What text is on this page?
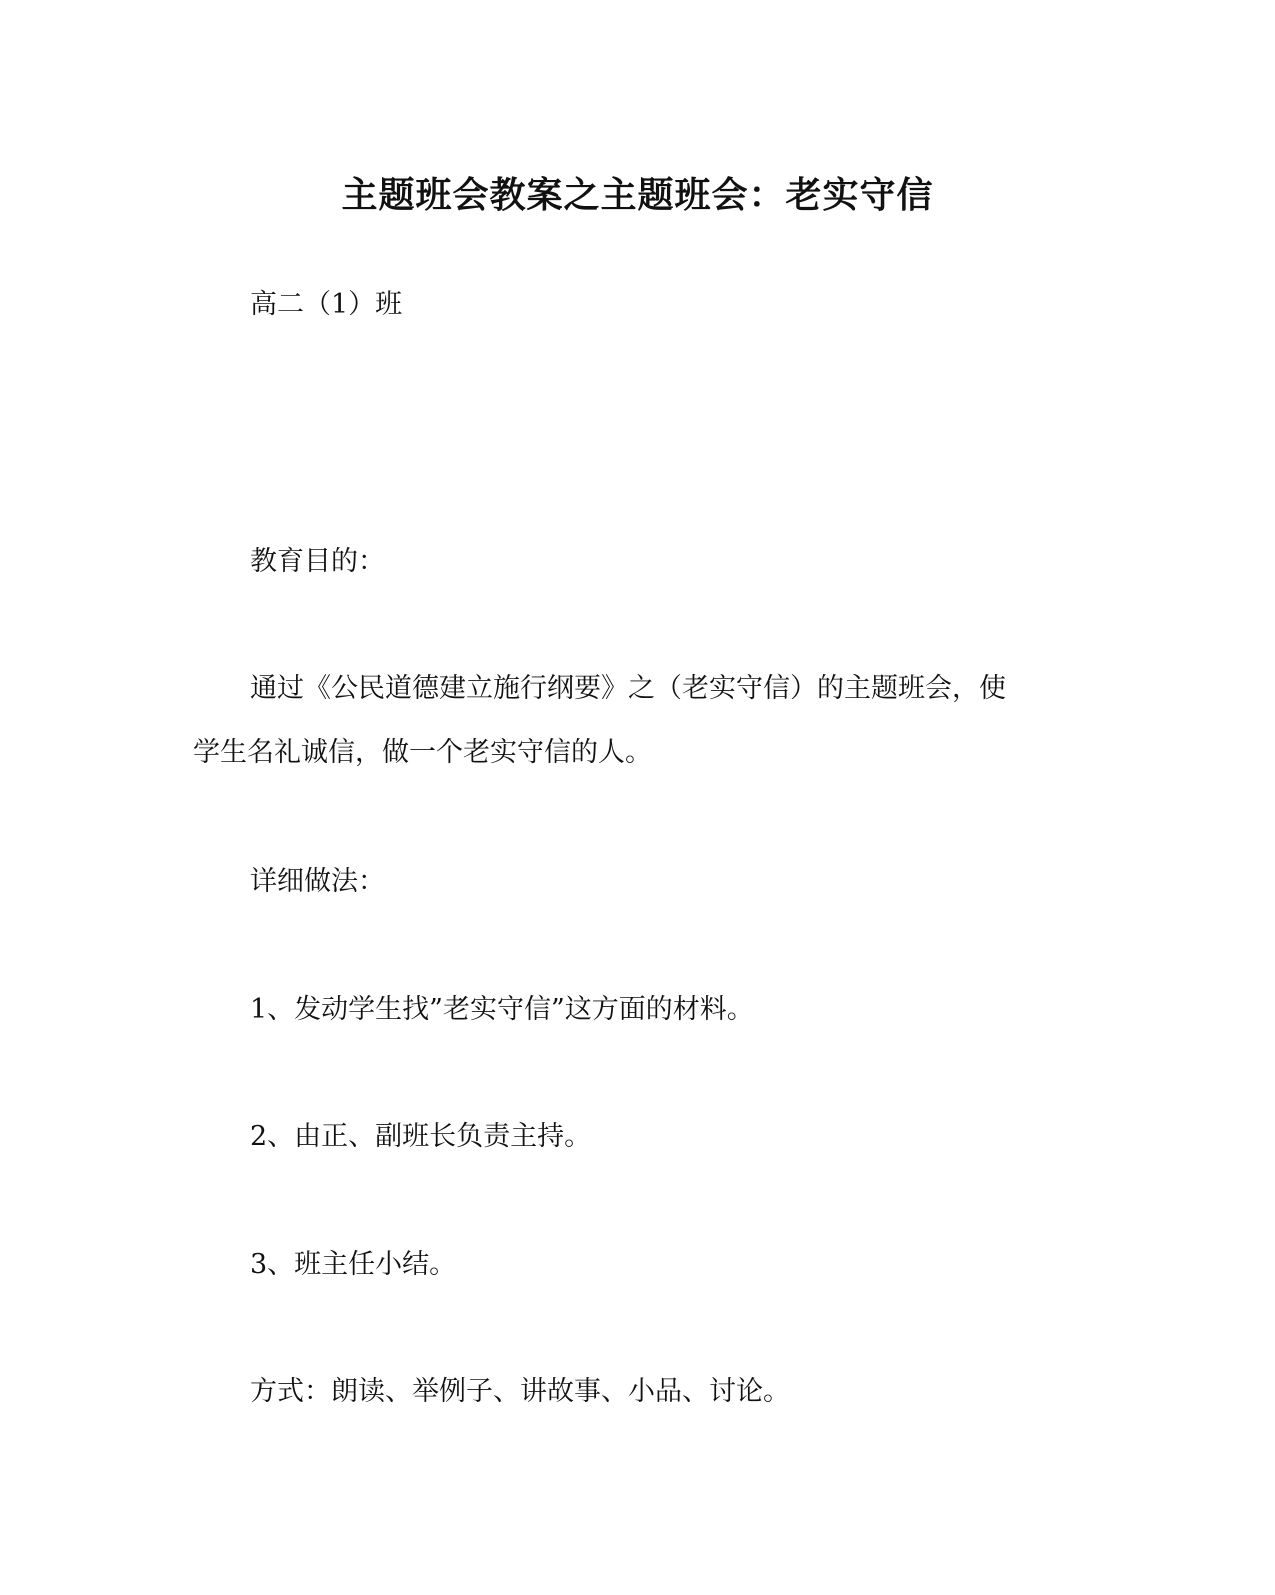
主题班会教案之主题班会：老实守信
高二（1）班
教育目的：
通过《公民道德建立施行纲要》之（老实守信）的主题班会，使
学生名礼诚信，做一个老实守信的人。
详细做法：
1、发动学生找”老实守信”这方面的材料。
2、由正、副班长负责主持。
3、班主任小结。
方式：朗读、举例子、讲故事、小品、讨论。
